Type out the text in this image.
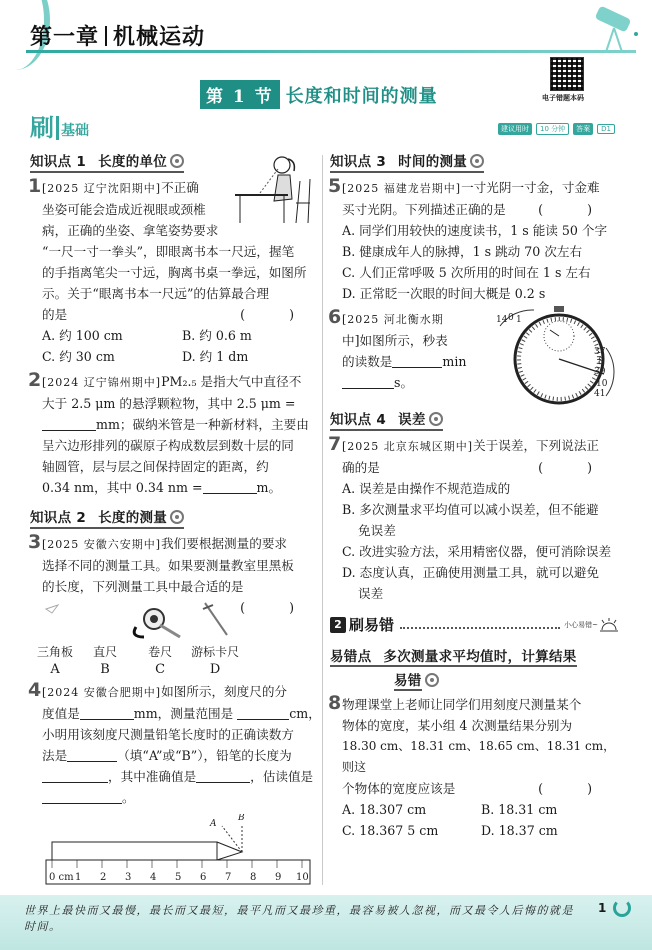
第一章 机械运动
第 1 节 长度和时间的测量	电子错题本码
刷 基础	建议用时	10 分钟	答案	D1
知识点 1 长度的单位
1 [2025 辽宁沈阳期中]不正确
坐姿可能会造成近视眼或颈椎
病，正确的坐姿、拿笔姿势要求
“一尺一寸一拳头”，即眼离书本一尺远，握笔
的手指离笔尖一寸远，胸离书桌一拳远，如图所
示。关于“眼离书本一尺远”的估算最合理
的是	( )
A. 约 100 cm	B. 约 0.6 m
C. 约 30 cm	D. 约 1 dm
2 [2024 辽宁锦州期中]PM₂.₅ 是指大气中直径不
大于 2.5 μm 的悬浮颗粒物，其中 2.5 μm =
mm；碳纳米管是一种新材料，主要由
呈六边形排列的碳原子构成数层到数十层的同
轴圆管，层与层之间保持固定的距离，约
0.34 nm，其中 0.34 nm =	m。
知识点 2 长度的测量
3 [2025 安徽六安期中]我们要根据测量的要求
选择不同的测量工具。如果要测量教室里黑板
的长度，下列测量工具中最合适的是
( )
三角板
A
直尺
B
卷尺
C
游标卡尺
D
4 [2024 安徽合肥期中]如图所示，刻度尺的分
度值是	mm，测量范围是	cm，
小明用该刻度尺测量铅笔长度时的正确读数方
法是	（填“A”或“B”），铅笔的长度为
，其中准确值是	，估读值是
。
A
B
0 cm 1 2 3 4 5 6 7 8 9 10
知识点 3 时间的测量
5 [2025 福建龙岩期中]一寸光阴一寸金，寸金难
买寸光阴。下列描述正确的是	( )
A. 同学们用较快的速度读书，1 s 能读 50 个字
B. 健康成年人的脉搏，1 s 跳动 70 次左右
C. 人们正常呼吸 5 次所用的时间在 1 s 左右
D. 正常眨一次眼的时间大概是 0.2 s
14 0 1
37
8
39
10
41
6 [2025 河北衡水期
中]如图所示，秒表
的读数是	min
s。
知识点 4 误差
7 [2025 北京东城区期中]关于误差，下列说法正
确的是	( )
A. 误差是由操作不规范造成的
B. 多次测量求平均值可以减小误差，但不能避
免误差
C. 改进实验方法，采用精密仪器，便可消除误差
D. 态度认真，正确使用测量工具，就可以避免
误差
2 刷易错	小心易错~
易错点 多次测量求平均值时，计算结果
易错
8 物理课堂上老师让同学们用刻度尺测量某个
物体的宽度，某小组 4 次测量结果分别为
18.30 cm、18.31 cm、18.65 cm、18.31 cm，则这
个物体的宽度应该是	( )
A. 18.307 cm	B. 18.31 cm
C. 18.367 5 cm	D. 18.37 cm
世界上最快而又最慢，最长而又最短，最平凡而又最珍重，最容易被人忽视，而又最令人后悔的就是时间。
1
